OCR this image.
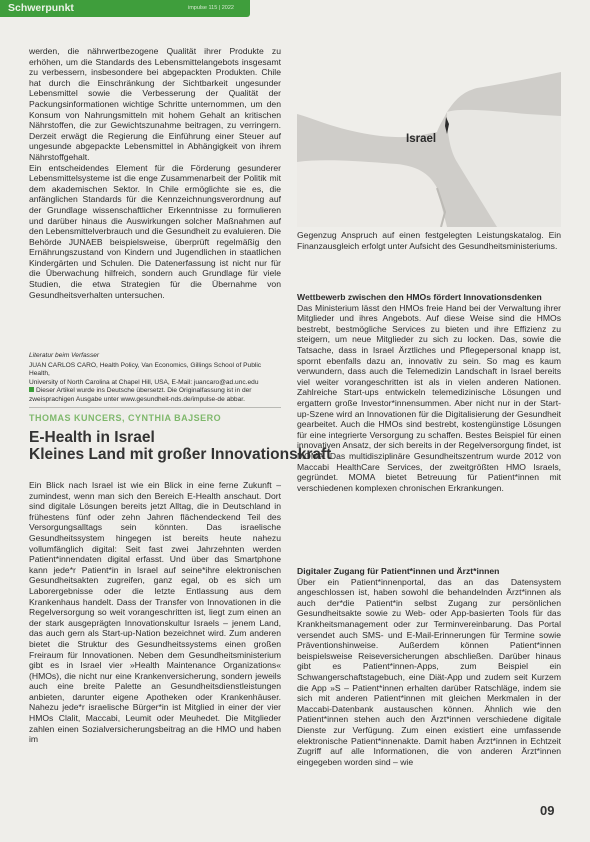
Schwerpunkt	impulse 115 | 2022

werden, die nährwertbezogene Qualität ihrer Produkte zu erhöhen, um die Standards des Lebensmittelangebots insgesamt zu verbessern, insbesondere bei abgepackten Produkten. Chile hat durch die Einschränkung der Sichtbarkeit ungesunder Lebensmittel sowie die Verbesserung der Qualität der Packungsinformationen wichtige Schritte unternommen, um den Konsum von Nahrungsmitteln mit hohem Gehalt an kritischen Nährstoffen, die zur Gewichtszunahme beitragen, zu verringern. Derzeit erwägt die Regierung die Einführung einer Steuer auf ungesunde abgepackte Lebensmittel in Abhängigkeit von ihrem Nährstoffgehalt.

Ein entscheidendes Element für die Förderung gesunderer Lebensmittelsysteme ist die enge Zusammenarbeit der Politik mit dem akademischen Sektor. In Chile ermöglichte sie es, die anfänglichen Standards für die Kennzeichnungsverordnung auf der Grundlage wissenschaftlicher Erkenntnisse zu formulieren und darüber hinaus die Auswirkungen solcher Maßnahmen auf den Lebensmittelverbrauch und die Gesundheit zu evaluieren. Die Behörde JUNAEB beispielsweise, überprüft regelmäßig den Ernährungszustand von Kindern und Jugendlichen in staatlichen Kindergärten und Schulen. Die Datenerfassung ist nicht nur für die Überwachung hilfreich, sondern auch Grundlage für viele Studien, die etwa Strategien für die Übernahme von Gesundheitsverhalten untersuchen.

Literatur beim Verfasser
JUAN CARLOS CARO, Health Policy, Van Economics, Gillings School of Public Health,
University of North Carolina at Chapel Hill, USA, E-Mail: juancaro@ad.unc.edu
Dieser Artikel wurde ins Deutsche übersetzt. Die Originalfassung ist in der
zweisprachigen Ausgabe unter www.gesundheit-nds.de/impulse-de abbar.
THOMAS KUNCERS, CYNTHIA BAJSERO
E-Health in Israel
Kleines Land mit großer Innovationskraft

Ein Blick nach Israel ist wie ein Blick in eine ferne Zukunft – zumindest, wenn man sich den Bereich E-Health anschaut. Dort sind digitale Lösungen bereits jetzt Alltag, die in Deutschland in frühestens fünf oder zehn Jahren flächendeckend Teil des Versorgungsalltags sein könnten. Das israelische Gesundheitssystem hingegen ist bereits heute nahezu vollumfänglich digital: Seit fast zwei Jahrzehnten werden Patient*innendaten digital erfasst. Und über das Smartphone kann jede*r Patient*in in Israel auf seine*ihre elektronischen Gesundheitsakten zugreifen, ganz egal, ob es sich um Laborergebnisse oder die letzte Entlassung aus dem Krankenhaus handelt. Dass der Transfer von Innovationen in die Regelversorgung so weit vorangeschritten ist, liegt zum einen an der stark ausgeprägten Innovationskultur Israels – jenem Land, das auch gern als Start-up-Nation bezeichnet wird. Zum anderen bietet die Struktur des Gesundheitssystems einen großen Freiraum für Innovationen. Neben dem Gesundheitsministerium gibt es in Israel vier »Health Maintenance Organizations« (HMOs), die nicht nur eine Krankenversicherung, sondern jeweils auch eine breite Palette an Gesundheitsdienstleistungen anbieten, darunter eigene Apotheken oder Krankenhäuser. Nahezu jede*r israelische Bürger*in ist Mitglied in einer der vier HMOs Clalit, Maccabi, Leumit oder Meuhedet. Die Mitglieder zahlen einen Sozialversicherungsbeitrag an die HMO und haben im

Israel

Gegenzug Anspruch auf einen festgelegten Leistungskatalog. Ein Finanzausgleich erfolgt unter Aufsicht des Gesundheitsministeriums.

Wettbewerb zwischen den HMOs fördert Innovationsdenken

Das Ministerium lässt den HMOs freie Hand bei der Verwaltung ihrer Mitglieder und ihres Angebots. Auf diese Weise sind die HMOs bestrebt, bestmögliche Services zu bieten und ihre Effizienz zu steigern, um neue Mitglieder zu sich zu locken. Das, sowie die Tatsache, dass in Israel Ärztliches und Pflegepersonal knapp ist, spornt ebenfalls dazu an, innovativ zu sein. So mag es kaum verwundern, dass auch die Telemedizin Landschaft in Israel bereits viel weiter vorangeschritten ist als in vielen anderen Nationen. Zahlreiche Start-ups entwickeln telemedizinische Lösungen und ergattern große Investor*innensummen. Aber nicht nur in der Start-up-Szene wird an Innovationen für die Digitalisierung der Gesundheit gearbeitet. Auch die HMOs sind bestrebt, kostengünstige Lösungen für eine integrierte Versorgung zu schaffen. Bestes Beispiel für einen innovativen Ansatz, der sich bereits in der Regelversorgung findet, ist MOMA. Das multidisziplinäre Gesundheitszentrum wurde 2012 von Maccabi HealthCare Services, der zweitgrößten HMO Israels, gegründet. MOMA bietet Betreuung für Patient*innen mit verschiedenen komplexen chronischen Erkrankungen.

Digitaler Zugang für Patient*innen und Ärzt*innen

Über ein Patient*innenportal, das an das Datensystem angeschlossen ist, haben sowohl die behandelnden Ärzt*innen als auch der*die Patient*in selbst Zugang zur persönlichen Gesundheitsakte sowie zu Web- oder App-basierten Tools für das Krankheitsmanagement oder zur Terminvereinbarung. Das Portal versendet auch SMS- und E-Mail-Erinnerungen für Termine sowie Präventionshinweise. Außerdem können Patient*innen beispielsweise Reiseversicherungen abschließen. Darüber hinaus gibt es Patient*innen-Apps, zum Beispiel ein Schwangerschaftstagebuch, eine Diät-App und zudem seit Kurzem die App »S – Patient*innen erhalten darüber Ratschläge, indem sie sich mit anderen Patient*innen mit gleichen Merkmalen in der Maccabi-Datenbank austauschen können. Ähnlich wie den Patient*innen stehen auch den Ärzt*innen verschiedene digitale Dienste zur Verfügung. Zum einen existiert eine umfassende elektronische Patient*innenakte. Damit haben Ärzt*innen in Echtzeit Zugriff auf alle Informationen, die von anderen Ärzt*innen eingegeben worden sind – wie

09
